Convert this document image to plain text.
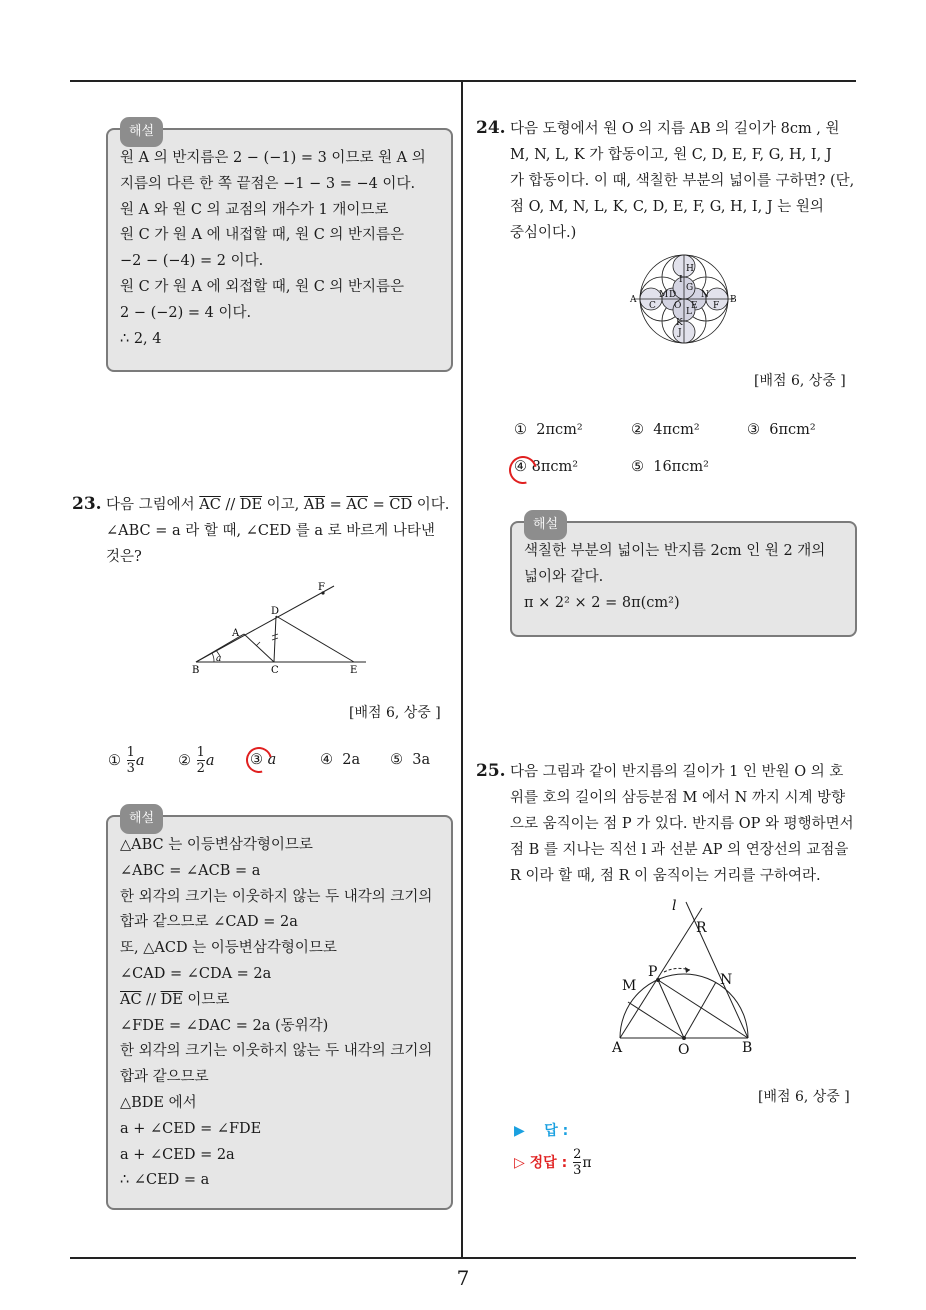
해설
원 A 의 반지름은 2 − (−1) = 3 이므로 원 A 의
지름의 다른 한 쪽 끝점은 −1 − 3 = −4 이다.
원 A 와 원 C 의 교점의 개수가 1 개이므로
원 C 가 원 A 에 내접할 때, 원 C 의 반지름은
−2 − (−4) = 2 이다.
원 C 가 원 A 에 외접할 때, 원 C 의 반지름은
2 − (−2) = 4 이다.
∴ 2, 4
23. 다음 그림에서 $\overline{AC} // \overline{DE}$ 이고, $\overline{AB} = \overline{AC} = \overline{CD}$ 이다.
∠ABC = a 라 할 때, ∠CED 를 a 로 바르게 나타낸
것은?
F
D
A
B	C	E
a
[배점 6, 상중 ]
① $\frac{1}{3}$ a ② $\frac{1}{2}$ a ③ a	④ 2a ⑤ 3a
해설
△ABC 는 이등변삼각형이므로
∠ABC = ∠ACB = a
한 외각의 크기는 이웃하지 않는 두 내각의 크기의
합과 같으므로 ∠CAD = 2a
또, △ACD 는 이등변삼각형이므로
∠CAD = ∠CDA = 2a
$\overline{AC} // \overline{DE}$ 이므로
∠FDE = ∠DAC = 2a (동위각)
한 외각의 크기는 이웃하지 않는 두 내각의 크기의
합과 같으므로
△BDE 에서
a + ∠CED = ∠FDE
a + ∠CED = 2a
∴ ∠CED = a
24. 다음 도형에서 원 O 의 지름 AB 의 길이가 8cm , 원
M, N, L, K 가 합동이고, 원 C, D, E, F, G, H, I, J
가 합동이다. 이 때, 색칠한 부분의 넓이를 구하면? (단,
점 O, M, N, L, K, C, D, E, F, G, H, I, J 는 원의
중심이다.)
A	B
H
I
G
M D	N
C O E F
L
K
J
[배점 6, 상중 ]
① 2πcm²	② 4πcm²	③ 6πcm²
④ 8πcm²	⑤ 16πcm²
해설
색칠한 부분의 넓이는 반지름 2cm 인 원 2 개의
넓이와 같다.
π × 2² × 2 = 8π(cm²)
25. 다음 그림과 같이 반지름의 길이가 1 인 반원 O 의 호
위를 호의 길이의 삼등분점 M 에서 N 까지 시계 방향
으로 움직이는 점 P 가 있다. 반지름 OP 와 평행하면서
점 B 를 지나는 직선 l 과 선분 AP 의 연장선의 교점을
R 이라 할 때, 점 R 이 움직이는 거리를 구하여라.
l
R
P
M	N
A	O	B
[배점 6, 상중 ]
▶ 답 :
▷ 정답 : $\frac{2}{3}$ π
7
